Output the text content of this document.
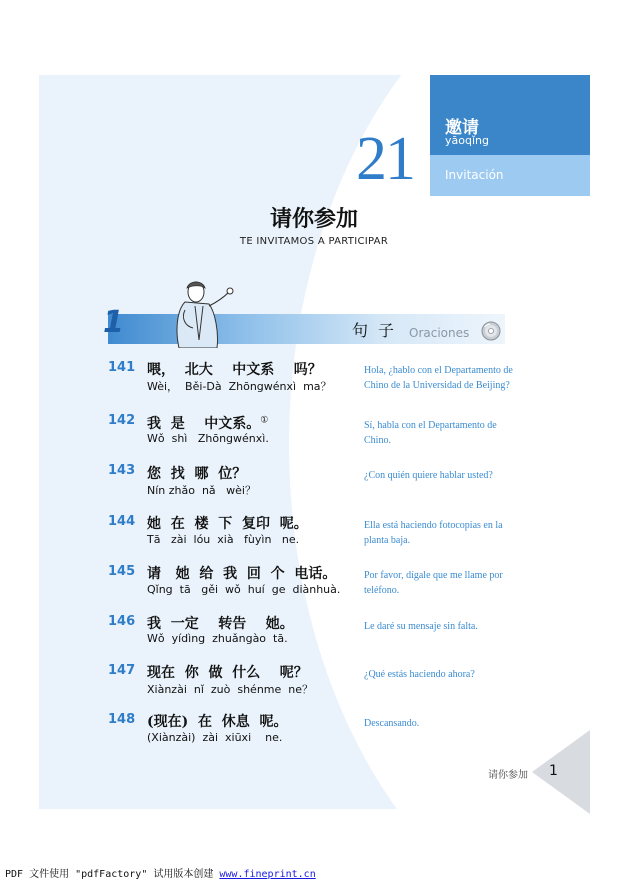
21 邀请
yāoqǐng
Invitación
请你参加
TE INVITAMOS A PARTICIPAR
1	句子 Oraciones
141 喂，  北大    中文系    吗？
Wèi，  Běi-Dà  Zhōngwénxì  ma？
Hola, ¿hablo con el Departamento de Chino de la Universidad de Beijing?
142 我  是    中文系。①
Wǒ  shì   Zhōngwénxì.
Sí, habla con el Departamento de Chino.
143 您  找  哪  位？
Nín zhǎo  nǎ   wèi？
¿Con quién quiere hablar usted?
144 她  在  楼  下  复印  呢。
Tā   zài  lóu  xià   fùyìn   ne.
Ella está haciendo fotocopias en la planta baja.
145 请   她  给  我  回  个  电话。
Qǐng  tā   gěi  wǒ  huí  ge  diànhuà.
Por favor, dígale que me llame por teléfono.
146 我  一定    转告    她。
Wǒ  yídìng  zhuǎngào  tā.
Le daré su mensaje sin falta.
147 现在  你  做  什么    呢？
Xiànzài  nǐ  zuò  shénme  ne？
¿Qué estás haciendo ahora?
148 (现在)  在  休息  呢。
(Xiànzài)  zài  xiūxi    ne.
Descansando.
请你参加 1
PDF 文件使用 "pdfFactory" 试用版本创建 www.fineprint.cn
